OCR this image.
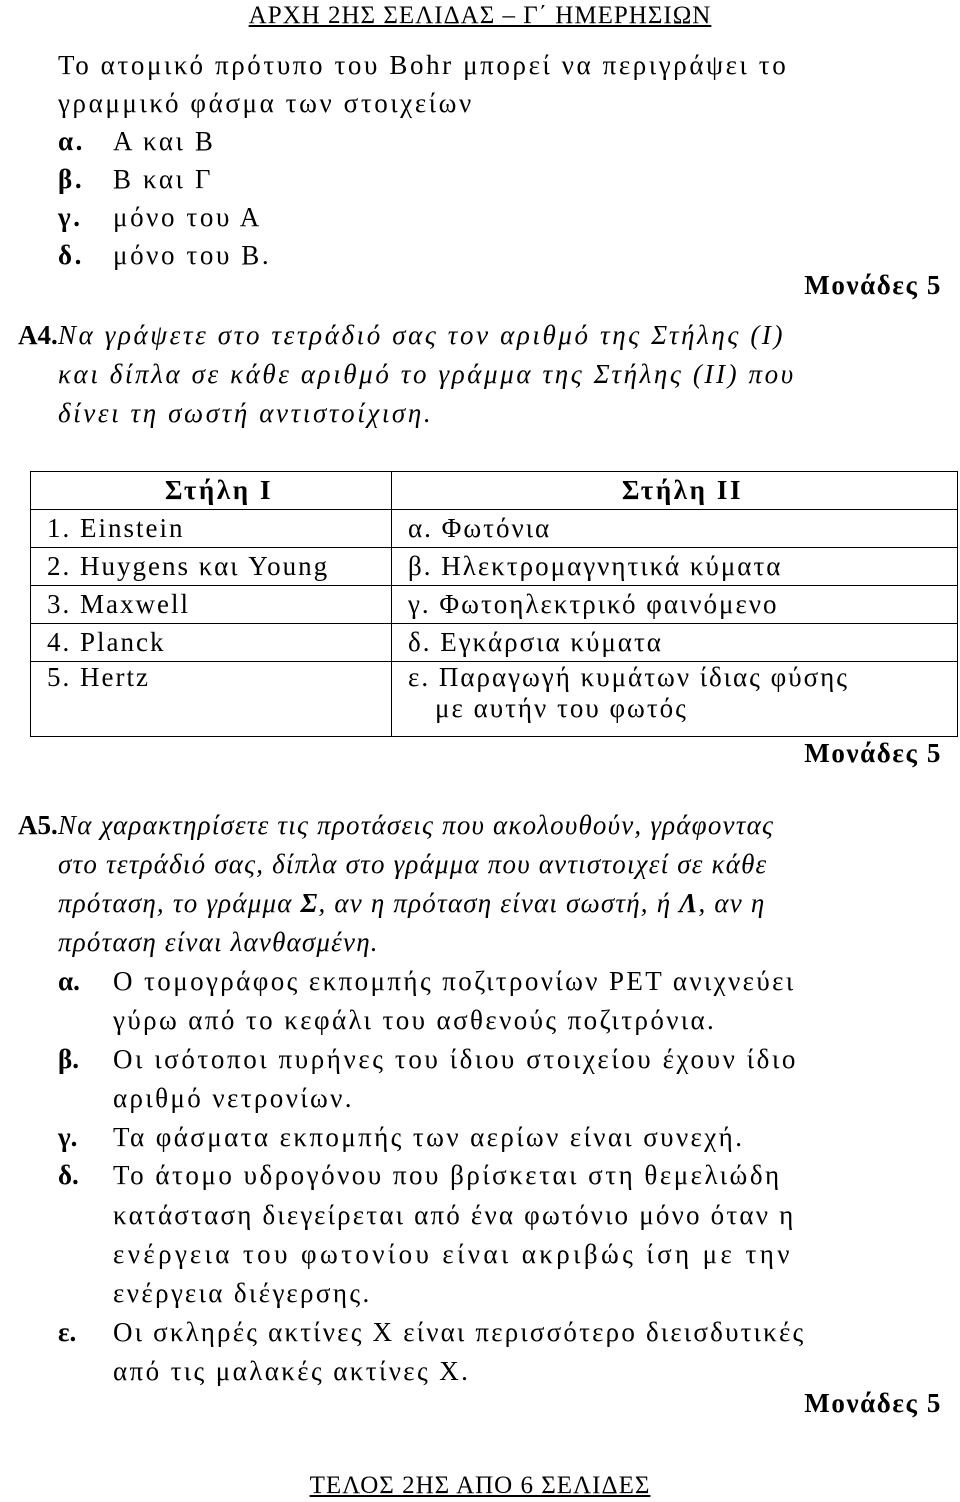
ΑΡΧΗ 2ΗΣ ΣΕΛΙΔΑΣ – Γ΄ ΗΜΕΡΗΣΙΩΝ
Το ατομικό πρότυπο του Bohr μπορεί να περιγράψει το
γραμμικό φάσμα των στοιχείων
α. Α και Β
β. Β και Γ
γ. μόνο του Α
δ. μόνο του Β.
Μονάδες 5
Α4. Να γράψετε στο τετράδιό σας τον αριθμό της Στήλης (Ι)
και δίπλα σε κάθε αριθμό το γράμμα της Στήλης (ΙΙ) που
δίνει τη σωστή αντιστοίχιση.
Στήλη Ι	Στήλη ΙΙ
1. Einstein	α. Φωτόνια
2. Huygens και Young	β. Ηλεκτρομαγνητικά κύματα
3. Maxwell	γ. Φωτοηλεκτρικό φαινόμενο
4. Planck	δ. Εγκάρσια κύματα
5. Hertz	ε. Παραγωγή κυμάτων ίδιας φύσης
με αυτήν του φωτός
Μονάδες 5
Α5. Να χαρακτηρίσετε τις προτάσεις που ακολουθούν, γράφοντας
στο τετράδιό σας, δίπλα στο γράμμα που αντιστοιχεί σε κάθε
πρόταση, το γράμμα Σ, αν η πρόταση είναι σωστή, ή Λ, αν η
πρόταση είναι λανθασμένη.
α. Ο τομογράφος εκπομπής ποζιτρονίων PET ανιχνεύει
γύρω από το κεφάλι του ασθενούς ποζιτρόνια.
β. Οι ισότοποι πυρήνες του ίδιου στοιχείου έχουν ίδιο
αριθμό νετρονίων.
γ. Τα φάσματα εκπομπής των αερίων είναι συνεχή.
δ. Το άτομο υδρογόνου που βρίσκεται στη θεμελιώδη
κατάσταση διεγείρεται από ένα φωτόνιο μόνο όταν η
ενέργεια του φωτονίου είναι ακριβώς ίση με την
ενέργεια διέγερσης.
ε. Οι σκληρές ακτίνες Χ είναι περισσότερο διεισδυτικές
από τις μαλακές ακτίνες Χ.
Μονάδες 5
ΤΕΛΟΣ 2ΗΣ ΑΠΟ 6 ΣΕΛΙΔΕΣ
